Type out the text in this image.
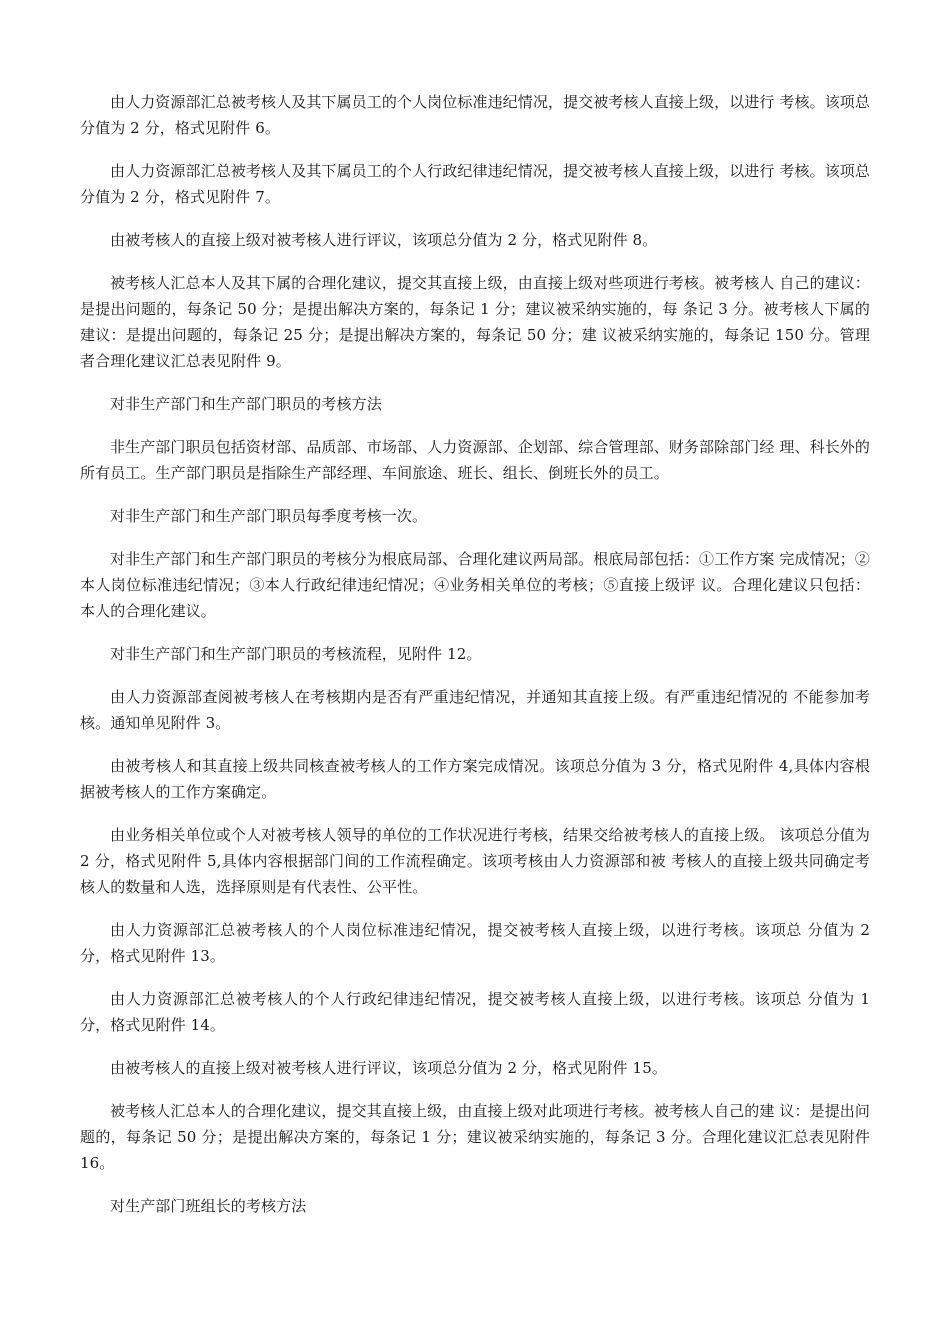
由人力资源部汇总被考核人及其下属员工的个人岗位标准违纪情况，提交被考核人直接上级，以进行 考核。该项总分值为 2 分，格式见附件 6。

由人力资源部汇总被考核人及其下属员工的个人行政纪律违纪情况，提交被考核人直接上级，以进行 考核。该项总分值为 2 分，格式见附件 7。

由被考核人的直接上级对被考核人进行评议，该项总分值为 2 分，格式见附件 8。

被考核人汇总本人及其下属的合理化建议，提交其直接上级，由直接上级对些项进行考核。被考核人 自己的建议：是提出问题的，每条记 50 分；是提出解决方案的，每条记 1 分；建议被采纳实施的，每 条记 3 分。被考核人下属的建议：是提出问题的，每条记 25 分；是提出解决方案的，每条记 50 分；建 议被采纳实施的，每条记 150 分。管理者合理化建议汇总表见附件 9。

对非生产部门和生产部门职员的考核方法

非生产部门职员包括资材部、品质部、市场部、人力资源部、企划部、综合管理部、财务部除部门经 理、科长外的所有员工。生产部门职员是指除生产部经理、车间旅途、班长、组长、倒班长外的员工。

对非生产部门和生产部门职员每季度考核一次。

对非生产部门和生产部门职员的考核分为根底局部、合理化建议两局部。根底局部包括：①工作方案 完成情况；②本人岗位标准违纪情况；③本人行政纪律违纪情况；④业务相关单位的考核；⑤直接上级评 议。合理化建议只包括：本人的合理化建议。

对非生产部门和生产部门职员的考核流程，见附件 12。

由人力资源部查阅被考核人在考核期内是否有严重违纪情况，并通知其直接上级。有严重违纪情况的 不能参加考核。通知单见附件 3。

由被考核人和其直接上级共同核查被考核人的工作方案完成情况。该项总分值为 3 分，格式见附件 4,具体内容根据被考核人的工作方案确定。

由业务相关单位或个人对被考核人领导的单位的工作状况进行考核，结果交给被考核人的直接上级。 该项总分值为 2 分，格式见附件 5,具体内容根据部门间的工作流程确定。该项考核由人力资源部和被 考核人的直接上级共同确定考核人的数量和人选，选择原则是有代表性、公平性。

由人力资源部汇总被考核人的个人岗位标准违纪情况，提交被考核人直接上级，以进行考核。该项总 分值为 2 分，格式见附件 13。

由人力资源部汇总被考核人的个人行政纪律违纪情况，提交被考核人直接上级，以进行考核。该项总 分值为 1 分，格式见附件 14。

由被考核人的直接上级对被考核人进行评议，该项总分值为 2 分，格式见附件 15。

被考核人汇总本人的合理化建议，提交其直接上级，由直接上级对此项进行考核。被考核人自己的建 议：是提出问题的，每条记 50 分；是提出解决方案的，每条记 1 分；建议被采纳实施的，每条记 3 分。合理化建议汇总表见附件 16。

对生产部门班组长的考核方法
